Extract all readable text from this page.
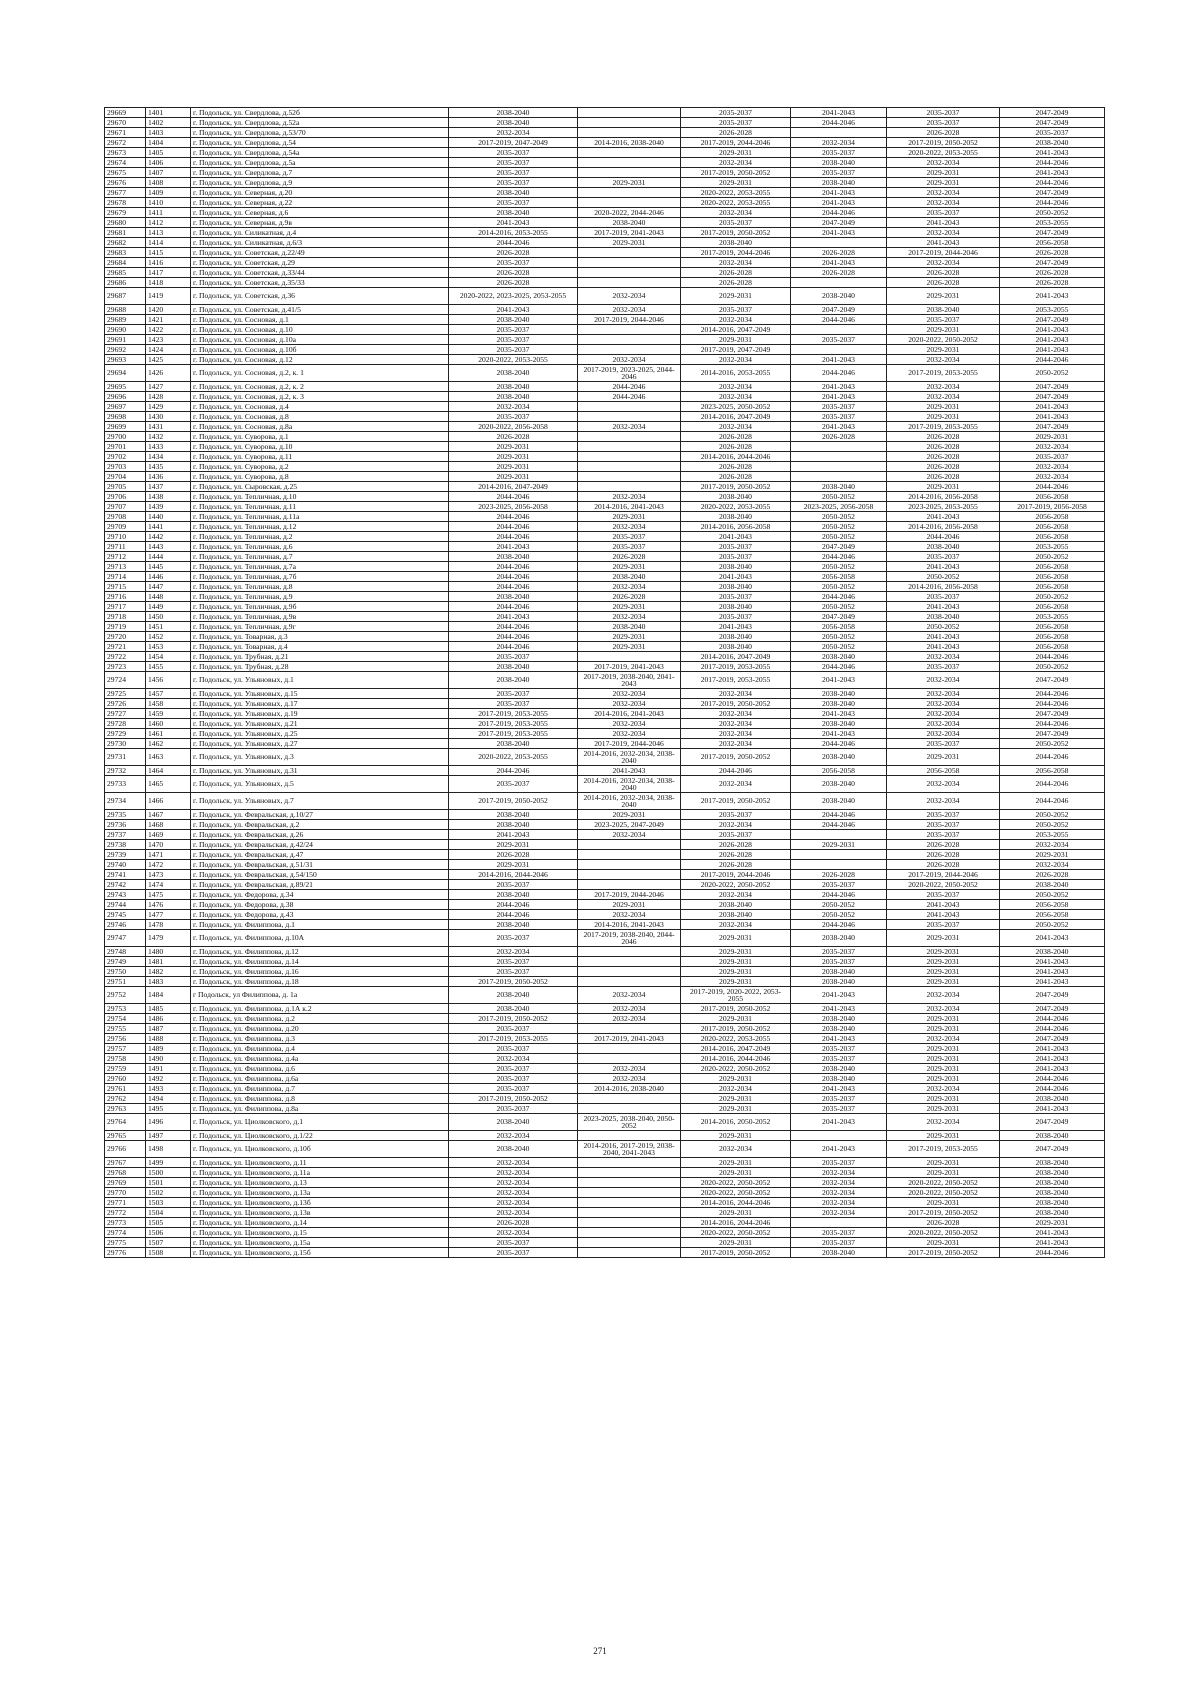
29669	1401	г. Подольск, ул. Свердлова, д.52б	2038-2040		2035-2037	2041-2043	2035-2037	2047-2049
29670	1402	г. Подольск, ул. Свердлова, д.52а	2038-2040		2035-2037	2044-2046	2035-2037	2047-2049
29671	1403	г. Подольск, ул. Свердлова, д.53/70	2032-2034		2026-2028		2026-2028	2035-2037
29672	1404	г. Подольск, ул. Свердлова, д.54	2017-2019, 2047-2049	2014-2016, 2038-2040	2017-2019, 2044-2046	2032-2034	2017-2019, 2050-2052	2038-2040
29673	1405	г. Подольск, ул. Свердлова, д.54а	2035-2037		2029-2031	2035-2037	2020-2022, 2053-2055	2041-2043
29674	1406	г. Подольск, ул. Свердлова, д.5а	2035-2037		2032-2034	2038-2040	2032-2034	2044-2046
29675	1407	г. Подольск, ул. Свердлова, д.7	2035-2037		2017-2019, 2050-2052	2035-2037	2029-2031	2041-2043
29676	1408	г. Подольск, ул. Свердлова, д.9	2035-2037	2029-2031	2029-2031	2038-2040	2029-2031	2044-2046
29677	1409	г. Подольск, ул. Северная, д.20	2038-2040		2020-2022, 2053-2055	2041-2043	2032-2034	2047-2049
29678	1410	г. Подольск, ул. Северная, д.22	2035-2037		2020-2022, 2053-2055	2041-2043	2032-2034	2044-2046
29679	1411	г. Подольск, ул. Северная, д.6	2038-2040	2020-2022, 2044-2046	2032-2034	2044-2046	2035-2037	2050-2052
29680	1412	г. Подольск, ул. Северная, д.9в	2041-2043	2038-2040	2035-2037	2047-2049	2041-2043	2053-2055
29681	1413	г. Подольск, ул. Силикатная, д.4	2014-2016, 2053-2055	2017-2019, 2041-2043	2017-2019, 2050-2052	2041-2043	2032-2034	2047-2049
29682	1414	г. Подольск, ул. Силикатная, д.6/3	2044-2046	2029-2031	2038-2040		2041-2043	2056-2058
29683	1415	г. Подольск, ул. Советская, д.22/49	2026-2028		2017-2019, 2044-2046	2026-2028	2017-2019, 2044-2046	2026-2028
29684	1416	г. Подольск, ул. Советская, д.29	2035-2037		2032-2034	2041-2043	2032-2034	2047-2049
29685	1417	г. Подольск, ул. Советская, д.33/44	2026-2028		2026-2028	2026-2028	2026-2028	2026-2028
29686	1418	г. Подольск, ул. Советская, д.35/33	2026-2028		2026-2028		2026-2028	2026-2028
29687	1419	г. Подольск, ул. Советская, д.36	2020-2022, 2023-2025, 2053-2055	2032-2034	2029-2031	2038-2040	2029-2031	2041-2043
29688	1420	г. Подольск, ул. Советская, д.41/5	2041-2043	2032-2034	2035-2037	2047-2049	2038-2040	2053-2055
29689	1421	г. Подольск, ул. Сосновая, д.1	2038-2040	2017-2019, 2044-2046	2032-2034	2044-2046	2035-2037	2047-2049
29690	1422	г. Подольск, ул. Сосновая, д.10	2035-2037		2014-2016, 2047-2049		2029-2031	2041-2043
29691	1423	г. Подольск, ул. Сосновая, д.10а	2035-2037		2029-2031	2035-2037	2020-2022, 2050-2052	2041-2043
29692	1424	г. Подольск, ул. Сосновая, д.10б	2035-2037		2017-2019, 2047-2049		2029-2031	2041-2043
29693	1425	г. Подольск, ул. Сосновая, д.12	2020-2022, 2053-2055	2032-2034	2032-2034	2041-2043	2032-2034	2044-2046
29694	1426	г. Подольск, ул. Сосновая, д.2, к. 1	2038-2040	2017-2019, 2023-2025, 2044-2046	2014-2016, 2053-2055	2044-2046	2017-2019, 2053-2055	2050-2052
29695	1427	г. Подольск, ул. Сосновая, д.2, к. 2	2038-2040	2044-2046	2032-2034	2041-2043	2032-2034	2047-2049
29696	1428	г. Подольск, ул. Сосновая, д.2, к. 3	2038-2040	2044-2046	2032-2034	2041-2043	2032-2034	2047-2049
29697	1429	г. Подольск, ул. Сосновая, д.4	2032-2034		2023-2025, 2050-2052	2035-2037	2029-2031	2041-2043
29698	1430	г. Подольск, ул. Сосновая, д.8	2035-2037		2014-2016, 2047-2049	2035-2037	2029-2031	2041-2043
29699	1431	г. Подольск, ул. Сосновая, д.8а	2020-2022, 2056-2058	2032-2034	2032-2034	2041-2043	2017-2019, 2053-2055	2047-2049
29700	1432	г. Подольск, ул. Суворова, д.1	2026-2028		2026-2028	2026-2028	2026-2028	2029-2031
29701	1433	г. Подольск, ул. Суворова, д.10	2029-2031		2026-2028		2026-2028	2032-2034
29702	1434	г. Подольск, ул. Суворова, д.11	2029-2031		2014-2016, 2044-2046		2026-2028	2035-2037
29703	1435	г. Подольск, ул. Суворова, д.2	2029-2031		2026-2028		2026-2028	2032-2034
29704	1436	г. Подольск, ул. Суворова, д.8	2029-2031		2026-2028		2026-2028	2032-2034
29705	1437	г. Подольск, ул. Сыровская, д.25	2014-2016, 2047-2049		2017-2019, 2050-2052	2038-2040	2029-2031	2044-2046
29706	1438	г. Подольск, ул. Тепличная, д.10	2044-2046	2032-2034	2038-2040	2050-2052	2014-2016, 2056-2058	2056-2058
29707	1439	г. Подольск, ул. Тепличная, д.11	2023-2025, 2056-2058	2014-2016, 2041-2043	2020-2022, 2053-2055	2023-2025, 2056-2058	2023-2025, 2053-2055	2017-2019, 2056-2058
29708	1440	г. Подольск, ул. Тепличная, д.11а	2044-2046	2029-2031	2038-2040	2050-2052	2041-2043	2056-2058
29709	1441	г. Подольск, ул. Тепличная, д.12	2044-2046	2032-2034	2014-2016, 2056-2058	2050-2052	2014-2016, 2056-2058	2056-2058
29710	1442	г. Подольск, ул. Тепличная, д.2	2044-2046	2035-2037	2041-2043	2050-2052	2044-2046	2056-2058
29711	1443	г. Подольск, ул. Тепличная, д.6	2041-2043	2035-2037	2035-2037	2047-2049	2038-2040	2053-2055
29712	1444	г. Подольск, ул. Тепличная, д.7	2038-2040	2026-2028	2035-2037	2044-2046	2035-2037	2050-2052
29713	1445	г. Подольск, ул. Тепличная, д.7а	2044-2046	2029-2031	2038-2040	2050-2052	2041-2043	2056-2058
29714	1446	г. Подольск, ул. Тепличная, д.7б	2044-2046	2038-2040	2041-2043	2056-2058	2050-2052	2056-2058
29715	1447	г. Подольск, ул. Тепличная, д.8	2044-2046	2032-2034	2038-2040	2050-2052	2014-2016, 2056-2058	2056-2058
29716	1448	г. Подольск, ул. Тепличная, д.9	2038-2040	2026-2028	2035-2037	2044-2046	2035-2037	2050-2052
29717	1449	г. Подольск, ул. Тепличная, д.9б	2044-2046	2029-2031	2038-2040	2050-2052	2041-2043	2056-2058
29718	1450	г. Подольск, ул. Тепличная, д.9в	2041-2043	2032-2034	2035-2037	2047-2049	2038-2040	2053-2055
29719	1451	г. Подольск, ул. Тепличная, д.9г	2044-2046	2038-2040	2041-2043	2056-2058	2050-2052	2056-2058
29720	1452	г. Подольск, ул. Товарная, д.3	2044-2046	2029-2031	2038-2040	2050-2052	2041-2043	2056-2058
29721	1453	г. Подольск, ул. Товарная, д.4	2044-2046	2029-2031	2038-2040	2050-2052	2041-2043	2056-2058
29722	1454	г. Подольск, ул. Трубная, д.21	2035-2037		2014-2016, 2047-2049	2038-2040	2032-2034	2044-2046
29723	1455	г. Подольск, ул. Трубная, д.28	2038-2040	2017-2019, 2041-2043	2017-2019, 2053-2055	2044-2046	2035-2037	2050-2052
29724	1456	г. Подольск, ул. Ульяновых, д.1	2038-2040	2017-2019, 2038-2040, 2041-2043	2017-2019, 2053-2055	2041-2043	2032-2034	2047-2049
29725	1457	г. Подольск, ул. Ульяновых, д.15	2035-2037	2032-2034	2032-2034	2038-2040	2032-2034	2044-2046
29726	1458	г. Подольск, ул. Ульяновых, д.17	2035-2037	2032-2034	2017-2019, 2050-2052	2038-2040	2032-2034	2044-2046
29727	1459	г. Подольск, ул. Ульяновых, д.19	2017-2019, 2053-2055	2014-2016, 2041-2043	2032-2034	2041-2043	2032-2034	2047-2049
29728	1460	г. Подольск, ул. Ульяновых, д.21	2017-2019, 2053-2055	2032-2034	2032-2034	2038-2040	2032-2034	2044-2046
29729	1461	г. Подольск, ул. Ульяновых, д.25	2017-2019, 2053-2055	2032-2034	2032-2034	2041-2043	2032-2034	2047-2049
29730	1462	г. Подольск, ул. Ульяновых, д.27	2038-2040	2017-2019, 2044-2046	2032-2034	2044-2046	2035-2037	2050-2052
29731	1463	г. Подольск, ул. Ульяновых, д.3	2020-2022, 2053-2055	2014-2016, 2032-2034, 2038-2040	2017-2019, 2050-2052	2038-2040	2029-2031	2044-2046
29732	1464	г. Подольск, ул. Ульяновых, д.31	2044-2046	2041-2043	2044-2046	2056-2058	2056-2058	2056-2058
29733	1465	г. Подольск, ул. Ульяновых, д.5	2035-2037	2014-2016, 2032-2034, 2038-2040	2032-2034	2038-2040	2032-2034	2044-2046
29734	1466	г. Подольск, ул. Ульяновых, д.7	2017-2019, 2050-2052	2014-2016, 2032-2034, 2038-2040	2017-2019, 2050-2052	2038-2040	2032-2034	2044-2046
29735	1467	г. Подольск, ул. Февральская, д.10/27	2038-2040	2029-2031	2035-2037	2044-2046	2035-2037	2050-2052
29736	1468	г. Подольск, ул. Февральская, д.2	2038-2040	2023-2025, 2047-2049	2032-2034	2044-2046	2035-2037	2050-2052
29737	1469	г. Подольск, ул. Февральская, д.26	2041-2043	2032-2034	2035-2037		2035-2037	2053-2055
29738	1470	г. Подольск, ул. Февральская, д.42/24	2029-2031		2026-2028	2029-2031	2026-2028	2032-2034
29739	1471	г. Подольск, ул. Февральская, д.47	2026-2028		2026-2028		2026-2028	2029-2031
29740	1472	г. Подольск, ул. Февральская, д.51/31	2029-2031		2026-2028		2026-2028	2032-2034
29741	1473	г. Подольск, ул. Февральская, д.54/150	2014-2016, 2044-2046		2017-2019, 2044-2046	2026-2028	2017-2019, 2044-2046	2026-2028
29742	1474	г. Подольск, ул. Февральская, д.89/21	2035-2037		2020-2022, 2050-2052	2035-2037	2020-2022, 2050-2052	2038-2040
29743	1475	г. Подольск, ул. Федорова, д.34	2038-2040	2017-2019, 2044-2046	2032-2034	2044-2046	2035-2037	2050-2052
29744	1476	г. Подольск, ул. Федорова, д.38	2044-2046	2029-2031	2038-2040	2050-2052	2041-2043	2056-2058
29745	1477	г. Подольск, ул. Федорова, д.43	2044-2046	2032-2034	2038-2040	2050-2052	2041-2043	2056-2058
29746	1478	г. Подольск, ул. Филиппова, д.1	2038-2040	2014-2016, 2041-2043	2032-2034	2044-2046	2035-2037	2050-2052
29747	1479	г. Подольск, ул. Филиппова, д.10А	2035-2037	2017-2019, 2038-2040, 2044-2046	2029-2031	2038-2040	2029-2031	2041-2043
29748	1480	г. Подольск, ул. Филиппова, д.12	2032-2034		2029-2031	2035-2037	2029-2031	2038-2040
29749	1481	г. Подольск, ул. Филиппова, д.14	2035-2037		2029-2031	2035-2037	2029-2031	2041-2043
29750	1482	г. Подольск, ул. Филиппова, д.16	2035-2037		2029-2031	2038-2040	2029-2031	2041-2043
29751	1483	г. Подольск, ул. Филиппова, д.18	2017-2019, 2050-2052		2029-2031	2038-2040	2029-2031	2041-2043
29752	1484	г Подольск, ул Филиппова, д. 1а	2038-2040	2032-2034	2017-2019, 2020-2022, 2053-2055	2041-2043	2032-2034	2047-2049
29753	1485	г. Подольск, ул. Филиппова, д.1А к.2	2038-2040	2032-2034	2017-2019, 2050-2052	2041-2043	2032-2034	2047-2049
29754	1486	г. Подольск, ул. Филиппова, д.2	2017-2019, 2050-2052	2032-2034	2029-2031	2038-2040	2029-2031	2044-2046
29755	1487	г. Подольск, ул. Филиппова, д.20	2035-2037		2017-2019, 2050-2052	2038-2040	2029-2031	2044-2046
29756	1488	г. Подольск, ул. Филиппова, д.3	2017-2019, 2053-2055	2017-2019, 2041-2043	2020-2022, 2053-2055	2041-2043	2032-2034	2047-2049
29757	1489	г. Подольск, ул. Филиппова, д.4	2035-2037		2014-2016, 2047-2049	2035-2037	2029-2031	2041-2043
29758	1490	г. Подольск, ул. Филиппова, д.4а	2032-2034		2014-2016, 2044-2046	2035-2037	2029-2031	2041-2043
29759	1491	г. Подольск, ул. Филиппова, д.6	2035-2037	2032-2034	2020-2022, 2050-2052	2038-2040	2029-2031	2041-2043
29760	1492	г. Подольск, ул. Филиппова, д.6а	2035-2037	2032-2034	2029-2031	2038-2040	2029-2031	2044-2046
29761	1493	г. Подольск, ул. Филиппова, д.7	2035-2037	2014-2016, 2038-2040	2032-2034	2041-2043	2032-2034	2044-2046
29762	1494	г. Подольск, ул. Филиппова, д.8	2017-2019, 2050-2052		2029-2031	2035-2037	2029-2031	2038-2040
29763	1495	г. Подольск, ул. Филиппова, д.8а	2035-2037		2029-2031	2035-2037	2029-2031	2041-2043
29764	1496	г. Подольск, ул. Циолковского, д.1	2038-2040	2023-2025, 2038-2040, 2050-2052	2014-2016, 2050-2052	2041-2043	2032-2034	2047-2049
29765	1497	г. Подольск, ул. Циолковского, д.1/22	2032-2034		2029-2031		2029-2031	2038-2040
29766	1498	г. Подольск, ул. Циолковского, д.10б	2038-2040	2014-2016, 2017-2019, 2038-2040, 2041-2043	2032-2034	2041-2043	2017-2019, 2053-2055	2047-2049
29767	1499	г. Подольск, ул. Циолковского, д.11	2032-2034		2029-2031	2035-2037	2029-2031	2038-2040
29768	1500	г. Подольск, ул. Циолковского, д.11а	2032-2034		2029-2031	2032-2034	2029-2031	2038-2040
29769	1501	г. Подольск, ул. Циолковского, д.13	2032-2034		2020-2022, 2050-2052	2032-2034	2020-2022, 2050-2052	2038-2040
29770	1502	г. Подольск, ул. Циолковского, д.13а	2032-2034		2020-2022, 2050-2052	2032-2034	2020-2022, 2050-2052	2038-2040
29771	1503	г. Подольск, ул. Циолковского, д.13б	2032-2034		2014-2016, 2044-2046	2032-2034	2029-2031	2038-2040
29772	1504	г. Подольск, ул. Циолковского, д.13в	2032-2034		2029-2031	2032-2034	2017-2019, 2050-2052	2038-2040
29773	1505	г. Подольск, ул. Циолковского, д.14	2026-2028		2014-2016, 2044-2046		2026-2028	2029-2031
29774	1506	г. Подольск, ул. Циолковского, д.15	2032-2034		2020-2022, 2050-2052	2035-2037	2020-2022, 2050-2052	2041-2043
29775	1507	г. Подольск, ул. Циолковского, д.15а	2035-2037		2029-2031	2035-2037	2029-2031	2041-2043
29776	1508	г. Подольск, ул. Циолковского, д.15б	2035-2037		2017-2019, 2050-2052	2038-2040	2017-2019, 2050-2052	2044-2046
271
